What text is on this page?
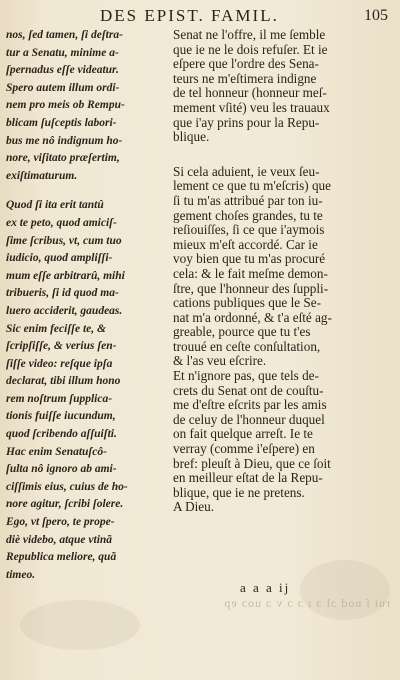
DES EPIST. FAMIL.	105

nos, ſed tamen, ſi deſtra-

tur a Senatu, minime a-

ſpernadus eſſe videatur.

Spero autem illum ordi-

nem pro meis ob Rempu-

blicam ſuſceptis labori-

bus me nô indignum ho-

nore, viſitato præſertim,

exiſtimaturum.

Quod ſi ita erit tantû

ex te peto, quod amiciſ-

ſime ſcribus, vt, cum tuo

iudicio, quod ampliſſi-

mum eſſe arbitrarû, mihi

tribueris, ſi id quod ma-

luero acciderit, gaudeas.

Sic enim feciſſe te, &

ſcripſiſſe, & verius ſen-

ſiſſe video: reſque ipſa

declarat, tibi illum hono

rem noſtrum ſupplica-

tionis fuiſſe iucundum,

quod ſcribendo aſſuiſti.

Hac enim Senatuſcô-

ſulta nô ignoro ab ami-

ciſſimis eius, cuius de ho-

nore agitur, ſcribi ſolere.

Ego, vt ſpero, te prope-

diè videbo, atque vtinã

Republica meliore, quã

timeo.

Senat ne l'offre, il me ſemble

que ie ne le dois refuſer. Et ie

eſpere que l'ordre des Sena-

teurs ne m'eſtimera indigne

de tel honneur (honneur meſ-

mement vſité) veu les trauaux

que i'ay prins pour la Repu-

blique.

Si cela aduient, ie veux ſeu-

lement ce que tu m'eſcris) que

ſi tu m'as attribué par ton iu-

gement choſes grandes, tu te

reſiouiſſes, ſi ce que i'aymois

mieux m'eſt accordé. Car ie

voy bien que tu m'as procuré

cela: & le fait meſme demon-

ſtre, que l'honneur des ſuppli-

cations publiques que le Se-

nat m'a ordonné, & t'a eſté ag-

greable, pource que tu t'es

trouué en ceſte conſultation,

& l'as veu eſcrire.

Et n'ignore pas, que tels de-

crets du Senat ont de couſtu-

me d'eſtre eſcrits par les amis

de celuy de l'honneur duquel

on fait quelque arreſt. Ie te

verray (comme i'eſpere) en

bref: pleuſt à Dieu, que ce ſoit

en meilleur eſtat de la Repu-

blique, que ie ne pretens.

A Dieu.

a a a ij
rui ſ nod ɔl ɔ ı ɔ ɔ v ɔ uoɔ ɐp
